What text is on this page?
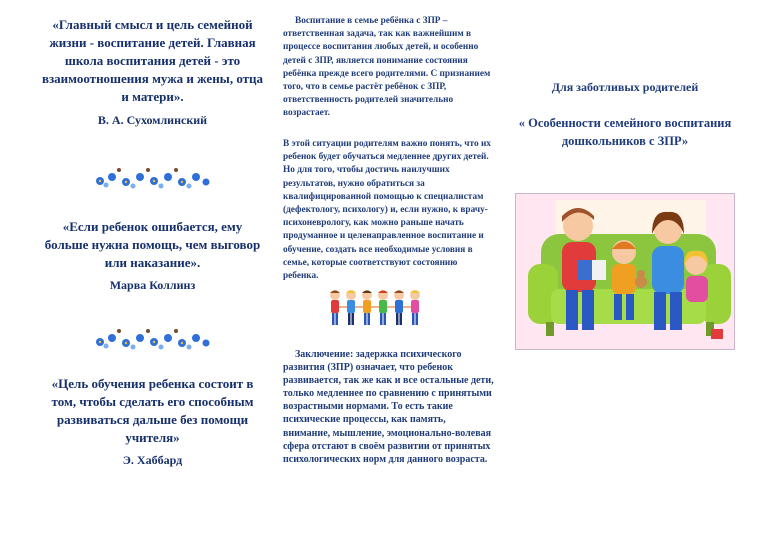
«Главный смысл и цель семейной жизни - воспитание детей. Главная школа воспитания детей - это взаимоотношения мужа и жены, отца и матери».
В. А. Сухомлинский
«Если ребенок ошибается, ему больше нужна помощь, чем выговор или наказание».
Марва Коллинз
«Цель обучения ребенка состоит в том, чтобы сделать его способным развиваться дальше без помощи учителя»
Э. Хаббард

Воспитание в семье ребёнка с ЗПР – ответственная задача, так как важнейшим в процессе воспитания любых детей, и особенно детей с ЗПР, является понимание состояния ребёнка прежде всего родителями. С признанием того, что в семье растёт ребёнок с ЗПР, ответственность родителей значительно возрастает.

В этой ситуации родителям важно понять, что их ребенок будет обучаться медленнее других детей. Но для того, чтобы достичь наилучших результатов, нужно обратиться за квалифицированной помощью к специалистам (дефектологу, психологу) и, если нужно, к врачу-психоневрологу, как можно раньше начать продуманное и целенаправленное воспитание и обучение, создать все необходимые условия в семье, которые соответствуют состоянию ребенка.

Заключение: задержка психического развития (ЗПР) означает, что ребенок развивается, так же как и все остальные дети, только медленнее по сравнению с принятыми возрастными нормами. То есть такие психические процессы, как память, внимание, мышление, эмоционально-волевая сфера отстают в своём развитии от принятых психологических норм для данного возраста.

Для заботливых родителей
« Особенности семейного воспитания дошкольников с ЗПР»
